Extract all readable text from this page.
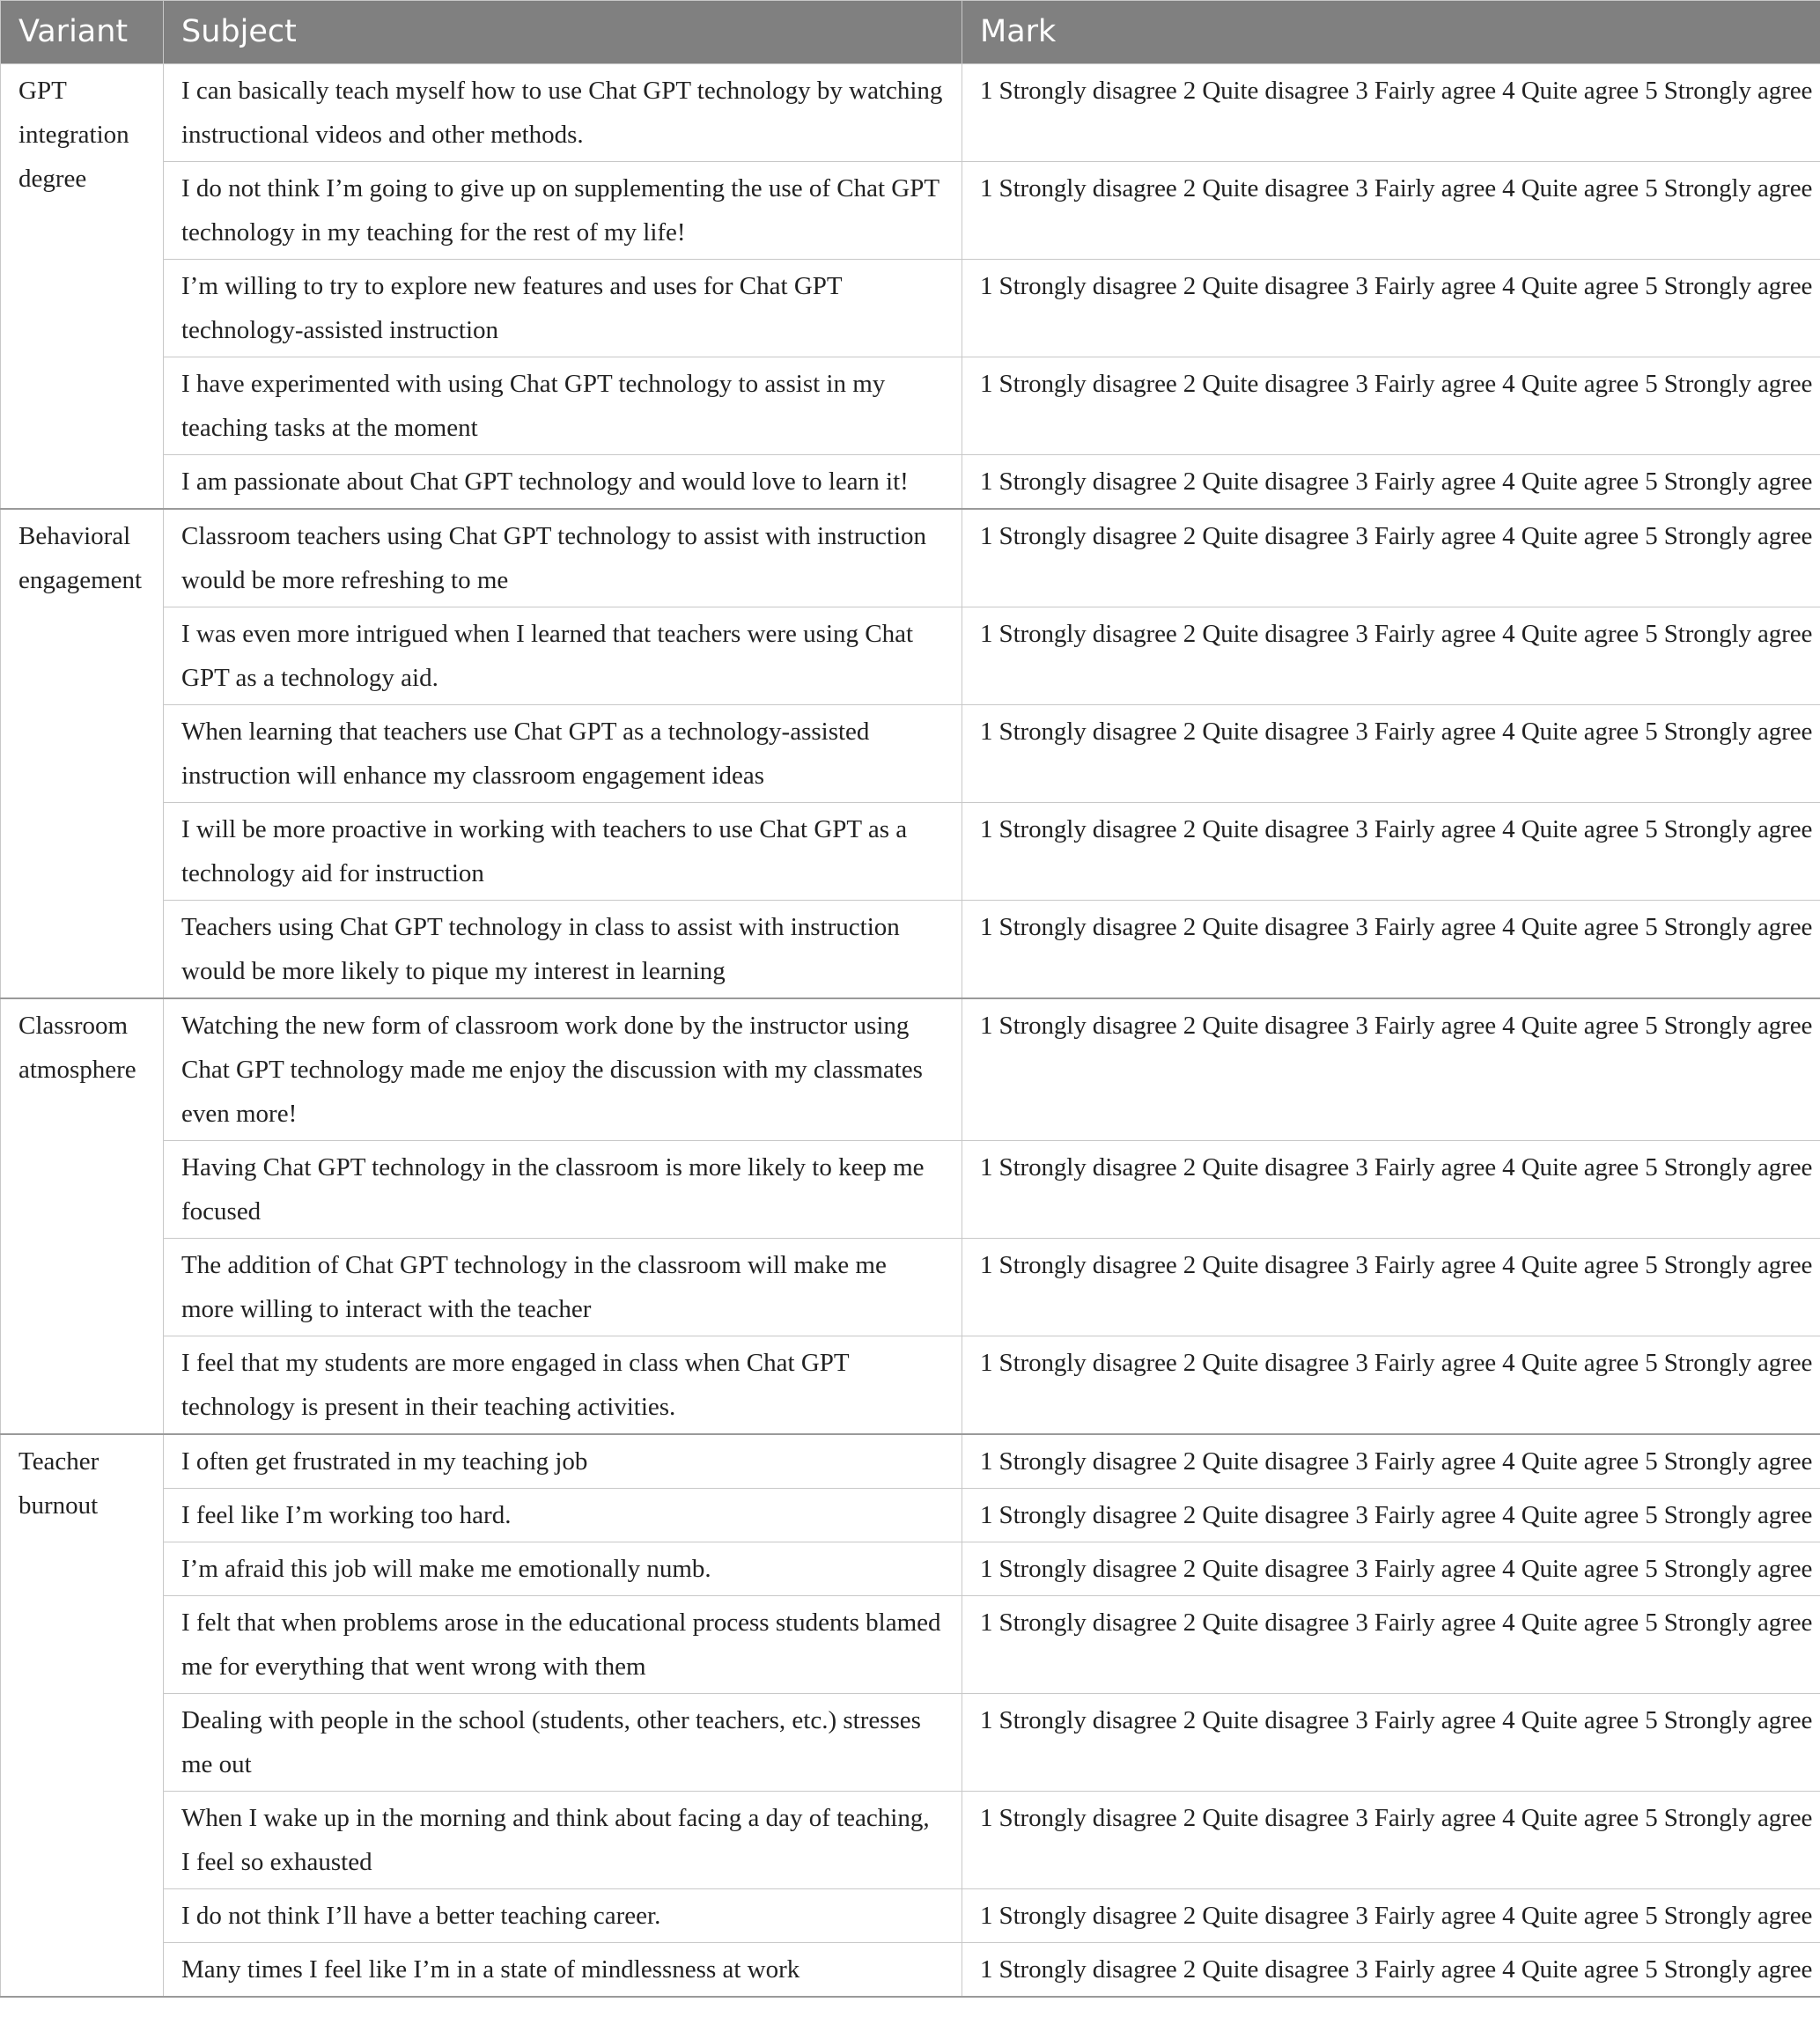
Variant	Subject	Mark
GPT integration degree	I can basically teach myself how to use Chat GPT technology by watching instructional videos and other methods.	1 Strongly disagree 2 Quite disagree 3 Fairly agree 4 Quite agree 5 Strongly agree
	I do not think I’m going to give up on supplementing the use of Chat GPT technology in my teaching for the rest of my life!	1 Strongly disagree 2 Quite disagree 3 Fairly agree 4 Quite agree 5 Strongly agree
	I’m willing to try to explore new features and uses for Chat GPT technology-assisted instruction	1 Strongly disagree 2 Quite disagree 3 Fairly agree 4 Quite agree 5 Strongly agree
	I have experimented with using Chat GPT technology to assist in my teaching tasks at the moment	1 Strongly disagree 2 Quite disagree 3 Fairly agree 4 Quite agree 5 Strongly agree
	I am passionate about Chat GPT technology and would love to learn it!	1 Strongly disagree 2 Quite disagree 3 Fairly agree 4 Quite agree 5 Strongly agree
Behavioral engagement	Classroom teachers using Chat GPT technology to assist with instruction would be more refreshing to me	1 Strongly disagree 2 Quite disagree 3 Fairly agree 4 Quite agree 5 Strongly agree
	I was even more intrigued when I learned that teachers were using Chat GPT as a technology aid.	1 Strongly disagree 2 Quite disagree 3 Fairly agree 4 Quite agree 5 Strongly agree
	When learning that teachers use Chat GPT as a technology-assisted instruction will enhance my classroom engagement ideas	1 Strongly disagree 2 Quite disagree 3 Fairly agree 4 Quite agree 5 Strongly agree
	I will be more proactive in working with teachers to use Chat GPT as a technology aid for instruction	1 Strongly disagree 2 Quite disagree 3 Fairly agree 4 Quite agree 5 Strongly agree
	Teachers using Chat GPT technology in class to assist with instruction would be more likely to pique my interest in learning	1 Strongly disagree 2 Quite disagree 3 Fairly agree 4 Quite agree 5 Strongly agree
Classroom atmosphere	Watching the new form of classroom work done by the instructor using Chat GPT technology made me enjoy the discussion with my classmates even more!	1 Strongly disagree 2 Quite disagree 3 Fairly agree 4 Quite agree 5 Strongly agree
	Having Chat GPT technology in the classroom is more likely to keep me focused	1 Strongly disagree 2 Quite disagree 3 Fairly agree 4 Quite agree 5 Strongly agree
	The addition of Chat GPT technology in the classroom will make me more willing to interact with the teacher	1 Strongly disagree 2 Quite disagree 3 Fairly agree 4 Quite agree 5 Strongly agree
	I feel that my students are more engaged in class when Chat GPT technology is present in their teaching activities.	1 Strongly disagree 2 Quite disagree 3 Fairly agree 4 Quite agree 5 Strongly agree
Teacher burnout	I often get frustrated in my teaching job	1 Strongly disagree 2 Quite disagree 3 Fairly agree 4 Quite agree 5 Strongly agree
	I feel like I’m working too hard.	1 Strongly disagree 2 Quite disagree 3 Fairly agree 4 Quite agree 5 Strongly agree
	I’m afraid this job will make me emotionally numb.	1 Strongly disagree 2 Quite disagree 3 Fairly agree 4 Quite agree 5 Strongly agree
	I felt that when problems arose in the educational process students blamed me for everything that went wrong with them	1 Strongly disagree 2 Quite disagree 3 Fairly agree 4 Quite agree 5 Strongly agree
	Dealing with people in the school (students, other teachers, etc.) stresses me out	1 Strongly disagree 2 Quite disagree 3 Fairly agree 4 Quite agree 5 Strongly agree
	When I wake up in the morning and think about facing a day of teaching, I feel so exhausted	1 Strongly disagree 2 Quite disagree 3 Fairly agree 4 Quite agree 5 Strongly agree
	I do not think I’ll have a better teaching career.	1 Strongly disagree 2 Quite disagree 3 Fairly agree 4 Quite agree 5 Strongly agree
	Many times I feel like I’m in a state of mindlessness at work	1 Strongly disagree 2 Quite disagree 3 Fairly agree 4 Quite agree 5 Strongly agree
